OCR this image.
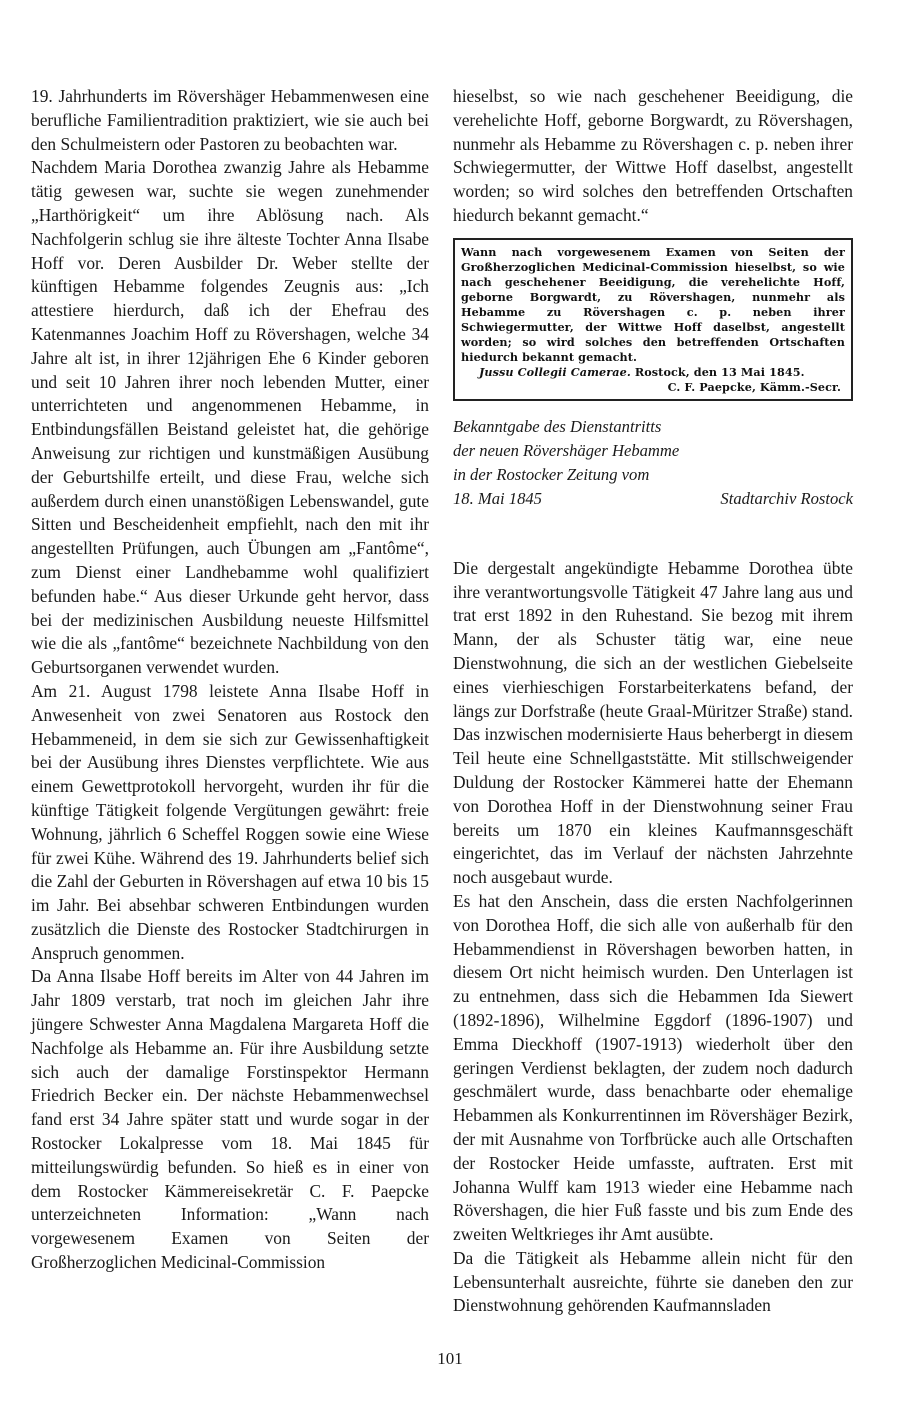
19. Jahrhunderts im Rövershäger Hebammenwesen eine berufliche Familientradition praktiziert, wie sie auch bei den Schulmeistern oder Pastoren zu beobachten war.

Nachdem Maria Dorothea zwanzig Jahre als Hebamme tätig gewesen war, suchte sie wegen zunehmender „Harthörigkeit“ um ihre Ablösung nach. Als Nachfolgerin schlug sie ihre älteste Tochter Anna Ilsabe Hoff vor. Deren Ausbilder Dr. Weber stellte der künftigen Hebamme folgendes Zeugnis aus: „Ich attestiere hierdurch, daß ich der Ehefrau des Katenmannes Joachim Hoff zu Rövershagen, welche 34 Jahre alt ist, in ihrer 12jährigen Ehe 6 Kinder geboren und seit 10 Jahren ihrer noch lebenden Mutter, einer unterrichteten und angenommenen Hebamme, in Entbindungsfällen Beistand geleistet hat, die gehörige Anweisung zur richtigen und kunstmäßigen Ausübung der Geburtshilfe erteilt, und diese Frau, welche sich außerdem durch einen unanstößigen Lebenswandel, gute Sitten und Bescheidenheit empfiehlt, nach den mit ihr angestellten Prüfungen, auch Übungen am „Fantôme“, zum Dienst einer Landhebamme wohl qualifiziert befunden habe.“ Aus dieser Urkunde geht hervor, dass bei der medizinischen Ausbildung neueste Hilfsmittel wie die als „fantôme“ bezeichnete Nachbildung von den Geburtsorganen verwendet wurden.

Am 21. August 1798 leistete Anna Ilsabe Hoff in Anwesenheit von zwei Senatoren aus Rostock den Hebammeneid, in dem sie sich zur Gewissenhaftigkeit bei der Ausübung ihres Dienstes verpflichtete. Wie aus einem Gewettprotokoll hervorgeht, wurden ihr für die künftige Tätigkeit folgende Vergütungen gewährt: freie Wohnung, jährlich 6 Scheffel Roggen sowie eine Wiese für zwei Kühe. Während des 19. Jahrhunderts belief sich die Zahl der Geburten in Rövershagen auf etwa 10 bis 15 im Jahr. Bei absehbar schweren Entbindungen wurden zusätzlich die Dienste des Rostocker Stadtchirurgen in Anspruch genommen.

Da Anna Ilsabe Hoff bereits im Alter von 44 Jahren im Jahr 1809 verstarb, trat noch im gleichen Jahr ihre jüngere Schwester Anna Magdalena Margareta Hoff die Nachfolge als Hebamme an. Für ihre Ausbildung setzte sich auch der damalige Forstinspektor Hermann Friedrich Becker ein. Der nächste Hebammenwechsel fand erst 34 Jahre später statt und wurde sogar in der Rostocker Lokalpresse vom 18. Mai 1845 für mitteilungswürdig befunden. So hieß es in einer von dem Rostocker Kämmereisekretär C. F. Paepcke unterzeichneten Information: „Wann nach vorgewesenem Examen von Seiten der Großherzoglichen Medicinal-Commission

hieselbst, so wie nach geschehener Beeidigung, die verehelichte Hoff, geborne Borgwardt, zu Rövershagen, nunmehr als Hebamme zu Rövershagen c. p. neben ihrer Schwiegermutter, der Wittwe Hoff daselbst, angestellt worden; so wird solches den betreffenden Ortschaften hiedurch bekannt gemacht.“

Wann nach vorgewesenem Examen von Seiten der Großherzoglichen Medicinal-Commission hieselbst, so wie nach geschehener Beeidigung, die verehelichte Hoff, geborne Borgwardt, zu Rövershagen, nunmehr als Hebamme zu Rövershagen c. p. neben ihrer Schwiegermutter, der Wittwe Hoff daselbst, angestellt worden; so wird solches den betreffenden Ortschaften hiedurch bekannt gemacht.
Jussu Collegii Camerae. Rostock, den 13 Mai 1845.
C. F. Paepcke, Kämm.-Secr.
Bekanntgabe des Dienstantritts
der neuen Rövershäger Hebamme
in der Rostocker Zeitung vom
18. Mai 1845	Stadtarchiv Rostock

Die dergestalt angekündigte Hebamme Dorothea übte ihre verantwortungsvolle Tätigkeit 47 Jahre lang aus und trat erst 1892 in den Ruhestand. Sie bezog mit ihrem Mann, der als Schuster tätig war, eine neue Dienstwohnung, die sich an der westlichen Giebelseite eines vierhieschigen Forstarbeiterkatens befand, der längs zur Dorfstraße (heute Graal-Müritzer Straße) stand. Das inzwischen modernisierte Haus beherbergt in diesem Teil heute eine Schnellgaststätte. Mit stillschweigender Duldung der Rostocker Kämmerei hatte der Ehemann von Dorothea Hoff in der Dienstwohnung seiner Frau bereits um 1870 ein kleines Kaufmannsgeschäft eingerichtet, das im Verlauf der nächsten Jahrzehnte noch ausgebaut wurde.

Es hat den Anschein, dass die ersten Nachfolgerinnen von Dorothea Hoff, die sich alle von außerhalb für den Hebammendienst in Rövershagen beworben hatten, in diesem Ort nicht heimisch wurden. Den Unterlagen ist zu entnehmen, dass sich die Hebammen Ida Siewert (1892-1896), Wilhelmine Eggdorf (1896-1907) und Emma Dieckhoff (1907-1913) wiederholt über den geringen Verdienst beklagten, der zudem noch dadurch geschmälert wurde, dass benachbarte oder ehemalige Hebammen als Konkurrentinnen im Rövershäger Bezirk, der mit Ausnahme von Torfbrücke auch alle Ortschaften der Rostocker Heide umfasste, auftraten. Erst mit Johanna Wulff kam 1913 wieder eine Hebamme nach Rövershagen, die hier Fuß fasste und bis zum Ende des zweiten Weltkrieges ihr Amt ausübte.

Da die Tätigkeit als Hebamme allein nicht für den Lebensunterhalt ausreichte, führte sie daneben den zur Dienstwohnung gehörenden Kaufmannsladen

101
